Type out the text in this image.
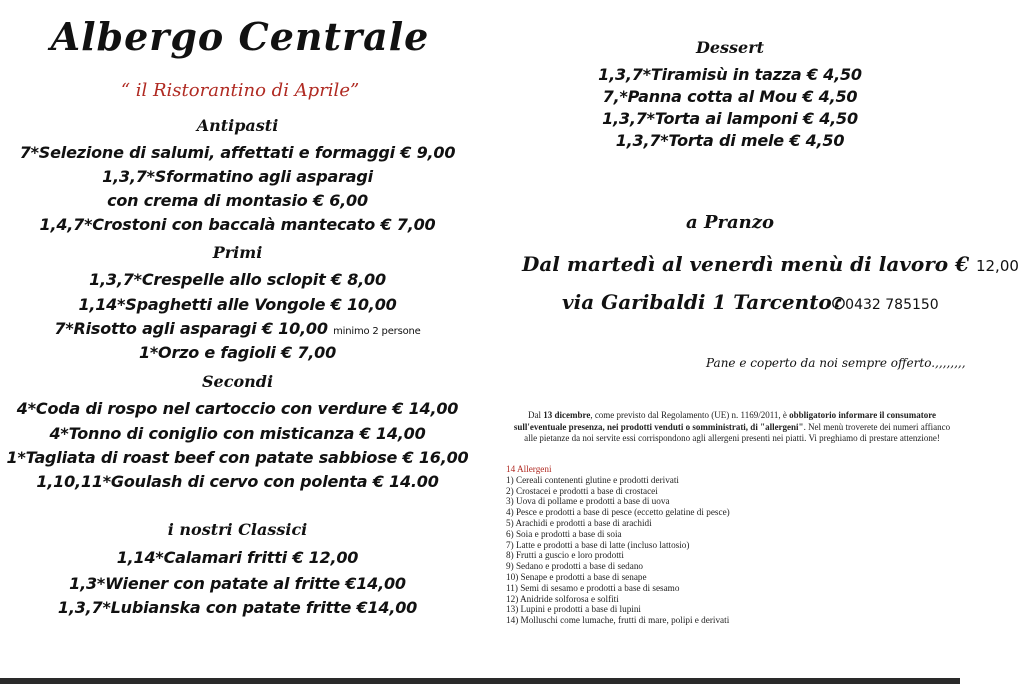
Albergo Centrale
“ il Ristorantino di Aprile”
Antipasti
7*Selezione di salumi, affettati e formaggi € 9,00
1,3,7*Sformatino agli asparagi
con crema di montasio € 6,00
1,4,7*Crostoni con baccalà mantecato € 7,00
Primi
1,3,7*Crespelle allo sclopit € 8,00
1,14*Spaghetti alle Vongole € 10,00
7*Risotto agli asparagi € 10,00 minimo 2 persone
1*Orzo e fagioli € 7,00
Secondi
4*Coda di rospo nel cartoccio con verdure € 14,00
4*Tonno di coniglio con misticanza € 14,00
1*Tagliata di roast beef con patate sabbiose € 16,00
1,10,11*Goulash di cervo con polenta € 14.00
i nostri Classici
1,14*Calamari fritti € 12,00
1,3*Wiener con patate al fritte €14,00
1,3,7*Lubianska con patate fritte €14,00
Dessert
1,3,7*Tiramisù in tazza € 4,50
7,*Panna cotta al Mou € 4,50
1,3,7*Torta ai lamponi € 4,50
1,3,7*Torta di mele € 4,50
a Pranzo
Dal martedì al venerdì menù di lavoro € 12,00
via Garibaldi 1 Tarcento✆0432 785150
Pane e coperto da noi sempre offerto.,,,,,,,,
Dal 13 dicembre, come previsto dal Regolamento (UE) n. 1169/2011, è obbligatorio informare il consumatore sull'eventuale presenza, nei prodotti venduti o somministrati, di "allergeni". Nel menù troverete dei numeri affianco alle pietanze da noi servite essi corrispondono agli allergeni presenti nei piatti. Vi preghiamo di prestare attenzione!
14 Allergeni
1) Cereali contenenti glutine e prodotti derivati
2) Crostacei e prodotti a base di crostacei
3) Uova di pollame e prodotti a base di uova
4) Pesce e prodotti a base di pesce (eccetto gelatine di pesce)
5) Arachidi e prodotti a base di arachidi
6) Soia e prodotti a base di soia
7) Latte e prodotti a base di latte (incluso lattosio)
8) Frutti a guscio e loro prodotti
9) Sedano e prodotti a base di sedano
10) Senape e prodotti a base di senape
11) Semi di sesamo e prodotti a base di sesamo
12) Anidride solforosa e solfiti
13) Lupini e prodotti a base di lupini
14) Molluschi come lumache, frutti di mare, polipi e derivati
